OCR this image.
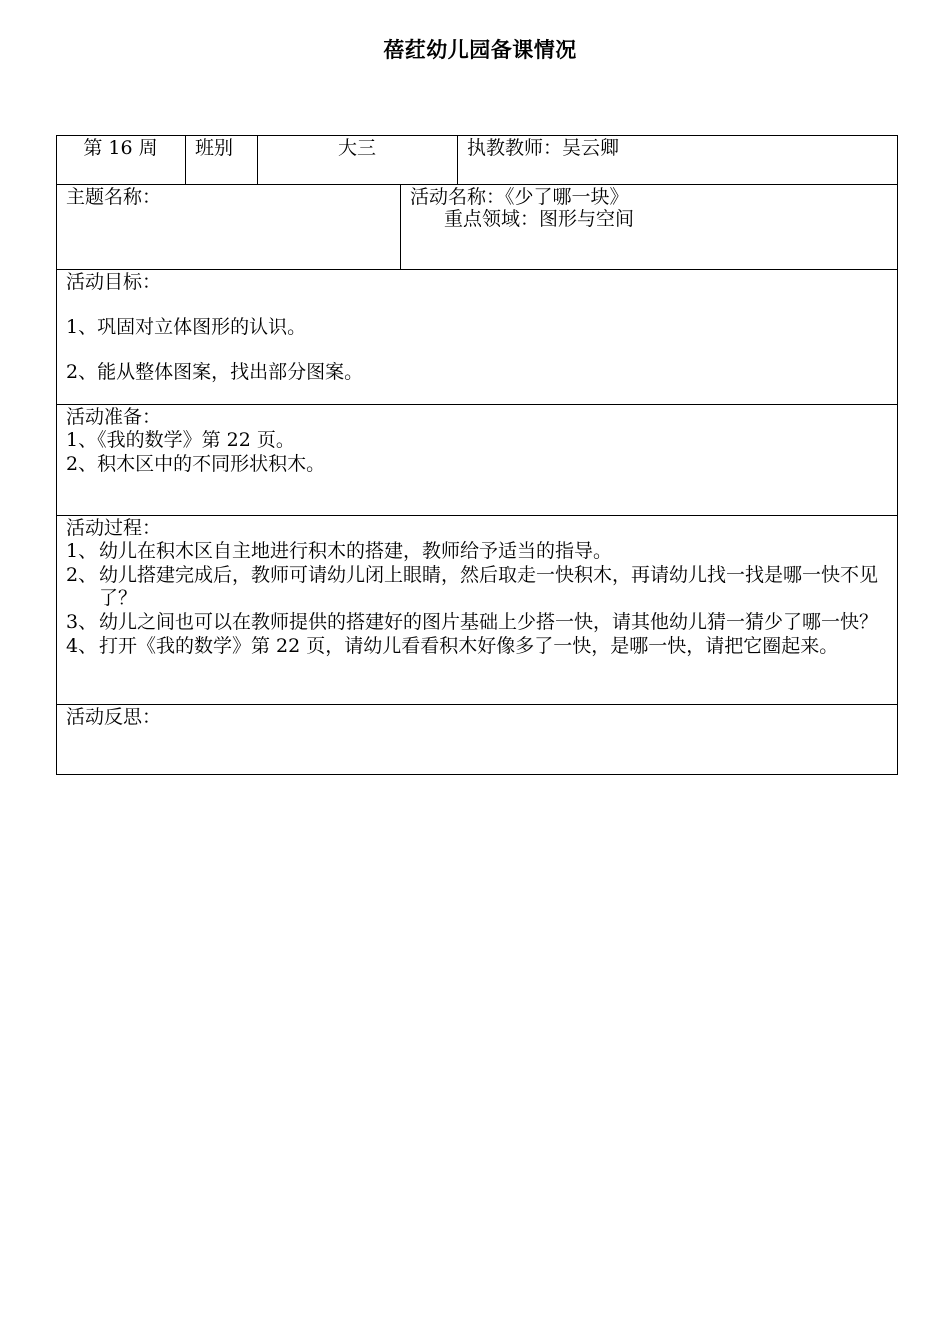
蓓荭幼儿园备课情况
第 16 周	班别	大三	执教教师：吴云卿
主题名称：	活动名称：《少了哪一块》
重点领域：图形与空间
活动目标：
1、巩固对立体图形的认识。
2、能从整体图案，找出部分图案。
活动准备：
1、《我的数学》第 22 页。
2、积木区中的不同形状积木。
活动过程：
1、 幼儿在积木区自主地进行积木的搭建，教师给予适当的指导。
2、 幼儿搭建完成后，教师可请幼儿闭上眼睛，然后取走一快积木，再请幼儿找一找是哪一快不见了？
3、 幼儿之间也可以在教师提供的搭建好的图片基础上少搭一快，请其他幼儿猜一猜少了哪一快？
4、 打开《我的数学》第 22 页，请幼儿看看积木好像多了一快，是哪一快，请把它圈起来。
活动反思：
